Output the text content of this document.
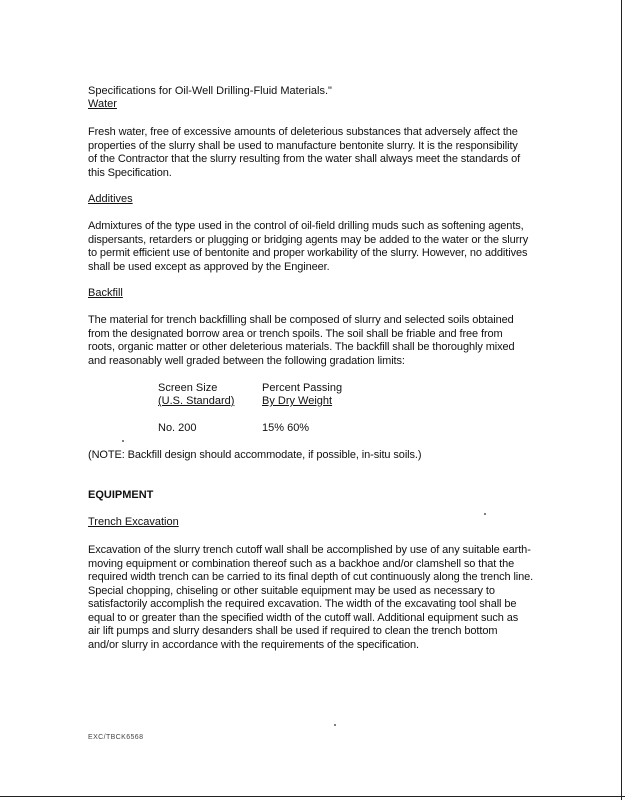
Specifications for Oil-Well Drilling-Fluid Materials."
Water
Fresh water, free of excessive amounts of deleterious substances that adversely affect the
properties of the slurry shall be used to manufacture bentonite slurry. It is the responsibility
of the Contractor that the slurry resulting from the water shall always meet the standards of
this Specification.
Additives
Admixtures of the type used in the control of oil-field drilling muds such as softening agents,
dispersants, retarders or plugging or bridging agents may be added to the water or the slurry
to permit efficient use of bentonite and proper workability of the slurry. However, no additives
shall be used except as approved by the Engineer.
Backfill
The material for trench backfilling shall be composed of slurry and selected soils obtained
from the designated borrow area or trench spoils. The soil shall be friable and free from
roots, organic matter or other deleterious materials. The backfill shall be thoroughly mixed
and reasonably well graded between the following gradation limits:
Screen Size	Percent Passing
(U.S. Standard)	By Dry Weight
No. 200	15% 60%
(NOTE: Backfill design should accommodate, if possible, in-situ soils.)
EQUIPMENT
Trench Excavation
Excavation of the slurry trench cutoff wall shall be accomplished by use of any suitable earth-
moving equipment or combination thereof such as a backhoe and/or clamshell so that the
required width trench can be carried to its final depth of cut continuously along the trench line.
Special chopping, chiseling or other suitable equipment may be used as necessary to
satisfactorily accomplish the required excavation. The width of the excavating tool shall be
equal to or greater than the specified width of the cutoff wall. Additional equipment such as
air lift pumps and slurry desanders shall be used if required to clean the trench bottom
and/or slurry in accordance with the requirements of the specification.
EXC/TBCK6568
